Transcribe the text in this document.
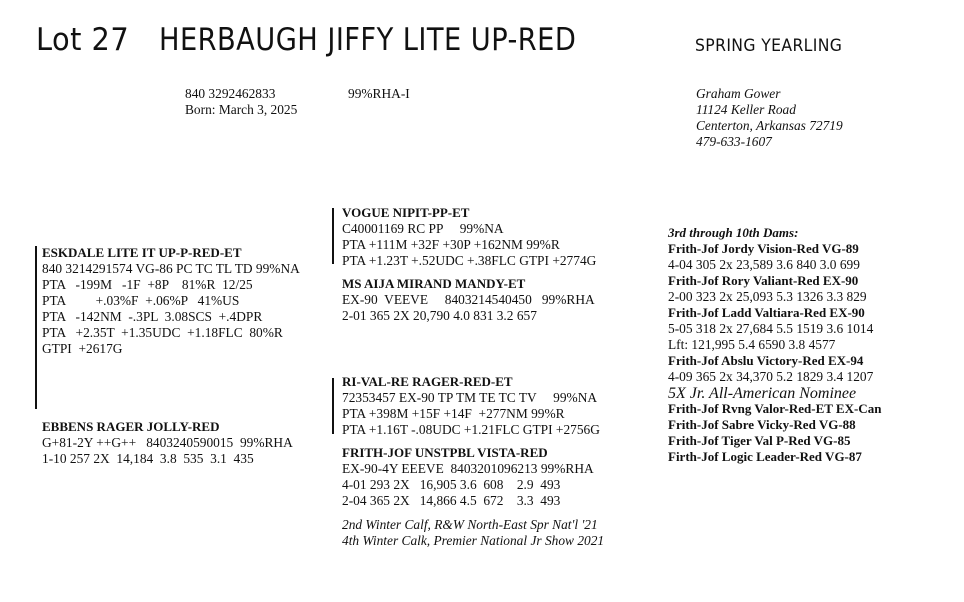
Lot 27 HERBAUGH JIFFY LITE UP-RED	SPRING YEARLING
840 3292462833	99%RHA-I
Born: March 3, 2025
Graham Gower
11124 Keller Road
Centerton, Arkansas 72719
479-633-1607
ESKDALE LITE IT UP-P-RED-ET
840 3214291574 VG-86 PC TC TL TD 99%NA
PTA   -199M   -1F  +8P    81%R  12/25
PTA         +.03%F  +.06%P   41%US
PTA   -142NM  -.3PL  3.08SCS  +.4DPR
PTA   +2.35T  +1.35UDC  +1.18FLC  80%R
GTPI  +2617G
VOGUE NIPIT-PP-ET
C40001169 RC PP     99%NA
PTA +111M +32F +30P +162NM 99%R
PTA +1.23T +.52UDC +.38FLC GTPI +2774G
MS AIJA MIRAND MANDY-ET
EX-90  VEEVE     8403214540450   99%RHA
2-01 365 2X 20,790 4.0 831 3.2 657
EBBENS RAGER JOLLY-RED
G+81-2Y ++G++   8403240590015  99%RHA
1-10 257 2X  14,184  3.8  535  3.1  435
RI-VAL-RE RAGER-RED-ET
72353457 EX-90 TP TM TE TC TV     99%NA
PTA +398M +15F +14F  +277NM 99%R
PTA +1.16T -.08UDC +1.21FLC GTPI +2756G
FRITH-JOF UNSTPBL VISTA-RED
EX-90-4Y EEEVE  8403201096213 99%RHA
4-01 293 2X   16,905 3.6  608    2.9  493
2-04 365 2X   14,866 4.5  672    3.3  493
2nd Winter Calf, R&W North-East Spr Nat'l '21
4th Winter Calk, Premier National Jr Show 2021
3rd through 10th Dams:
Frith-Jof Jordy Vision-Red VG-89
4-04 305 2x 23,589 3.6 840 3.0 699
Frith-Jof Rory Valiant-Red EX-90
2-00 323 2x 25,093 5.3 1326 3.3 829
Frith-Jof Ladd Valtiara-Red EX-90
5-05 318 2x 27,684 5.5 1519 3.6 1014
Lft: 121,995 5.4 6590 3.8 4577
Frith-Jof Abslu Victory-Red EX-94
4-09 365 2x 34,370 5.2 1829 3.4 1207
5X Jr. All-American Nominee
Frith-Jof Rvng Valor-Red-ET EX-Can
Frith-Jof Sabre Vicky-Red VG-88
Frith-Jof Tiger Val P-Red VG-85
Firth-Jof Logic Leader-Red VG-87
